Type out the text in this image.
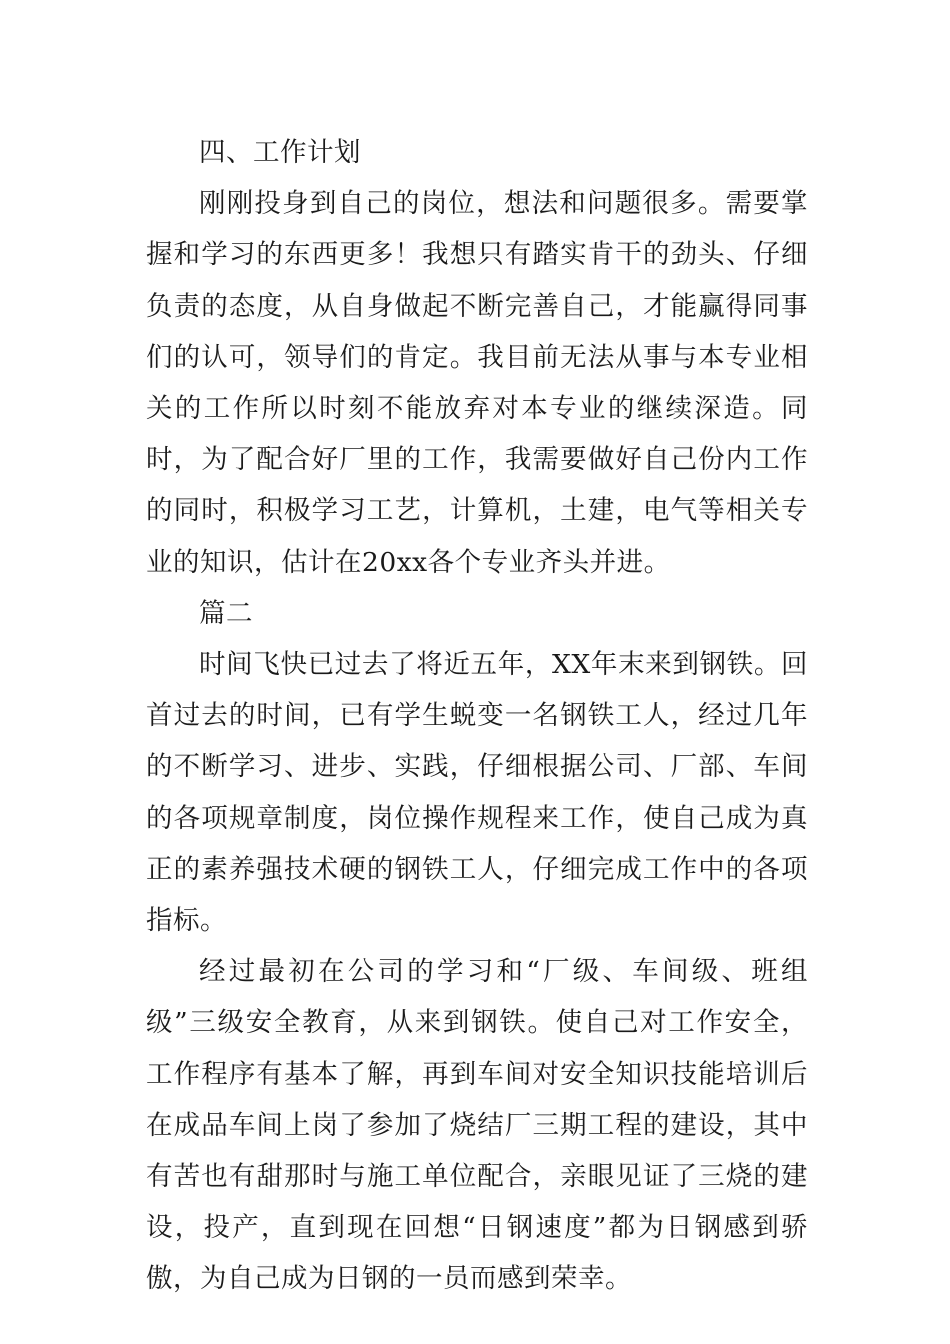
四、工作计划

刚刚投身到自己的岗位，想法和问题很多。需要掌握和学习的东西更多！我想只有踏实肯干的劲头、仔细负责的态度，从自身做起不断完善自己，才能赢得同事们的认可，领导们的肯定。我目前无法从事与本专业相关的工作所以时刻不能放弃对本专业的继续深造。同时，为了配合好厂里的工作，我需要做好自己份内工作的同时，积极学习工艺，计算机，土建，电气等相关专业的知识，估计在20xx各个专业齐头并进。

篇二

时间飞快已过去了将近五年，XX年末来到钢铁。回首过去的时间，已有学生蜕变一名钢铁工人，经过几年的不断学习、进步、实践，仔细根据公司、厂部、车间的各项规章制度，岗位操作规程来工作，使自己成为真正的素养强技术硬的钢铁工人，仔细完成工作中的各项指标。

经过最初在公司的学习和“厂级、车间级、班组级”三级安全教育，从来到钢铁。使自己对工作安全，工作程序有基本了解，再到车间对安全知识技能培训后在成品车间上岗了参加了烧结厂三期工程的建设，其中有苦也有甜那时与施工单位配合，亲眼见证了三烧的建设，投产，直到现在回想“日钢速度”都为日钢感到骄傲，为自己成为日钢的一员而感到荣幸。
